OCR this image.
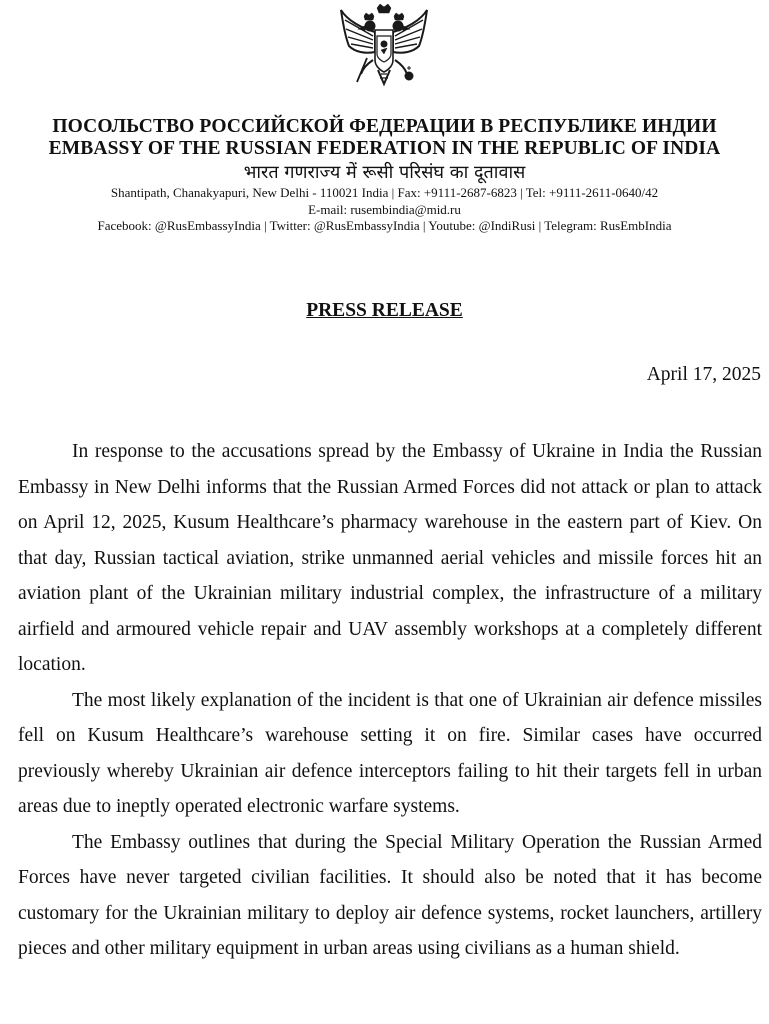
ПОСОЛЬСТВО РОССИЙСКОЙ ФЕДЕРАЦИИ В РЕСПУБЛИКЕ ИНДИИ
EMBASSY OF THE RUSSIAN FEDERATION IN THE REPUBLIC OF INDIA
भारत गणराज्य में रूसी परिसंघ का दूतावास
Shantipath, Chanakyapuri, New Delhi - 110021 India | Fax: +9111-2687-6823 | Tel: +9111-2611-0640/42
E-mail: rusembindia@mid.ru
Facebook: @RusEmbassyIndia | Twitter: @RusEmbassyIndia | Youtube: @IndiRusi | Telegram: RusEmbIndia
PRESS RELEASE
April 17, 2025

In response to the accusations spread by the Embassy of Ukraine in India the Russian Embassy in New Delhi informs that the Russian Armed Forces did not attack or plan to attack on April 12, 2025, Kusum Healthcare’s pharmacy warehouse in the eastern part of Kiev. On that day, Russian tactical aviation, strike unmanned aerial vehicles and missile forces hit an aviation plant of the Ukrainian military industrial complex, the infrastructure of a military airfield and armoured vehicle repair and UAV assembly workshops at a completely different location.

The most likely explanation of the incident is that one of Ukrainian air defence missiles fell on Kusum Healthcare’s warehouse setting it on fire. Similar cases have occurred previously whereby Ukrainian air defence interceptors failing to hit their targets fell in urban areas due to ineptly operated electronic warfare systems.

The Embassy outlines that during the Special Military Operation the Russian Armed Forces have never targeted civilian facilities. It should also be noted that it has become customary for the Ukrainian military to deploy air defence systems, rocket launchers, artillery pieces and other military equipment in urban areas using civilians as a human shield.
